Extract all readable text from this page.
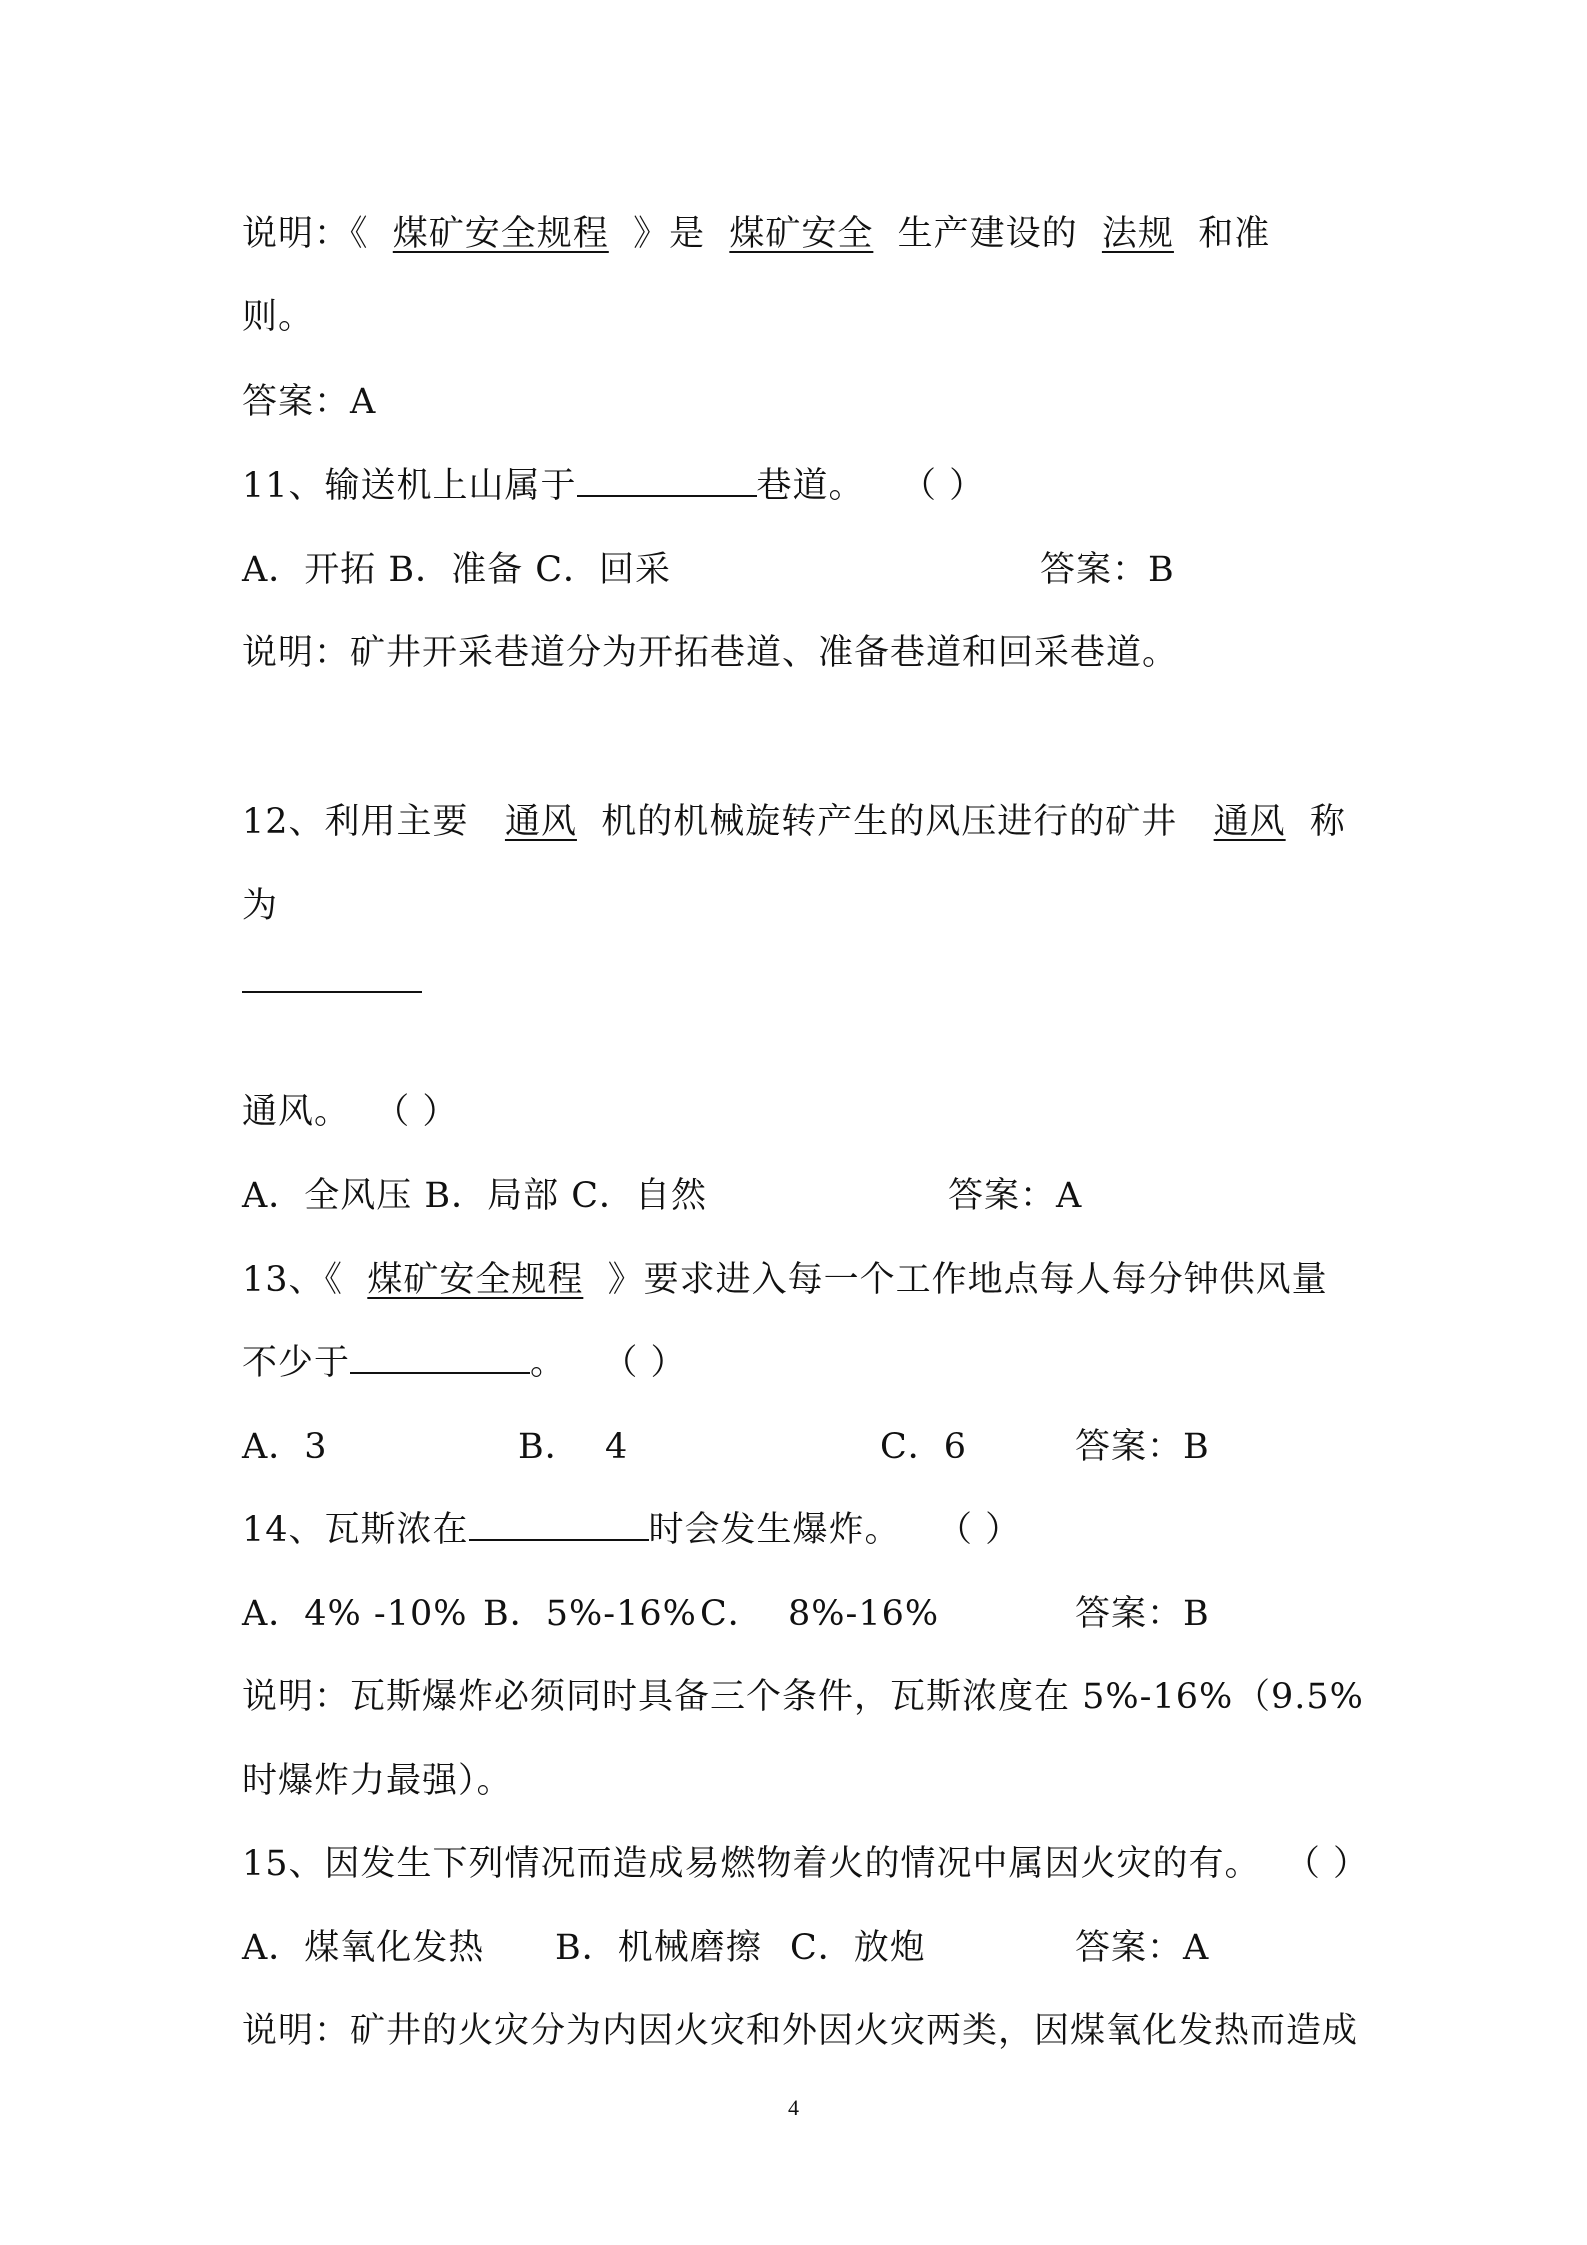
说明：《 煤矿安全规程 》是 煤矿安全 生产建设的 法规 和准
则。
答案：A
11、输送机上山属于	巷道。 （ ）
A．开拓 B．准备 C．回采	答案：B
说明：矿井开采巷道分为开拓巷道、准备巷道和回采巷道。
12、利用主要 通风 机的机械旋转产生的风压进行的矿井 通风 称
为
通风。 （ ）
A．全风压 B．局部 C．自然	答案：A
13、《 煤矿安全规程 》要求进入每一个工作地点每人每分钟供风量
不少于	。 （ ）
A．3	B．  4	C．6	答案：B
14、瓦斯浓在	时会发生爆炸。 （ ）
A．4% -10% B．5%-16% C．  8%-16%	答案：B
说明：瓦斯爆炸必须同时具备三个条件，瓦斯浓度在 5%-16% （9.5%
时爆炸力最强）。
15、因发生下列情况而造成易燃物着火的情况中属因火灾的有。 （ ）
A．煤氧化发热 B．机械磨擦 C．放炮	答案：A
说明：矿井的火灾分为内因火灾和外因火灾两类，因煤氧化发热而造成
4
